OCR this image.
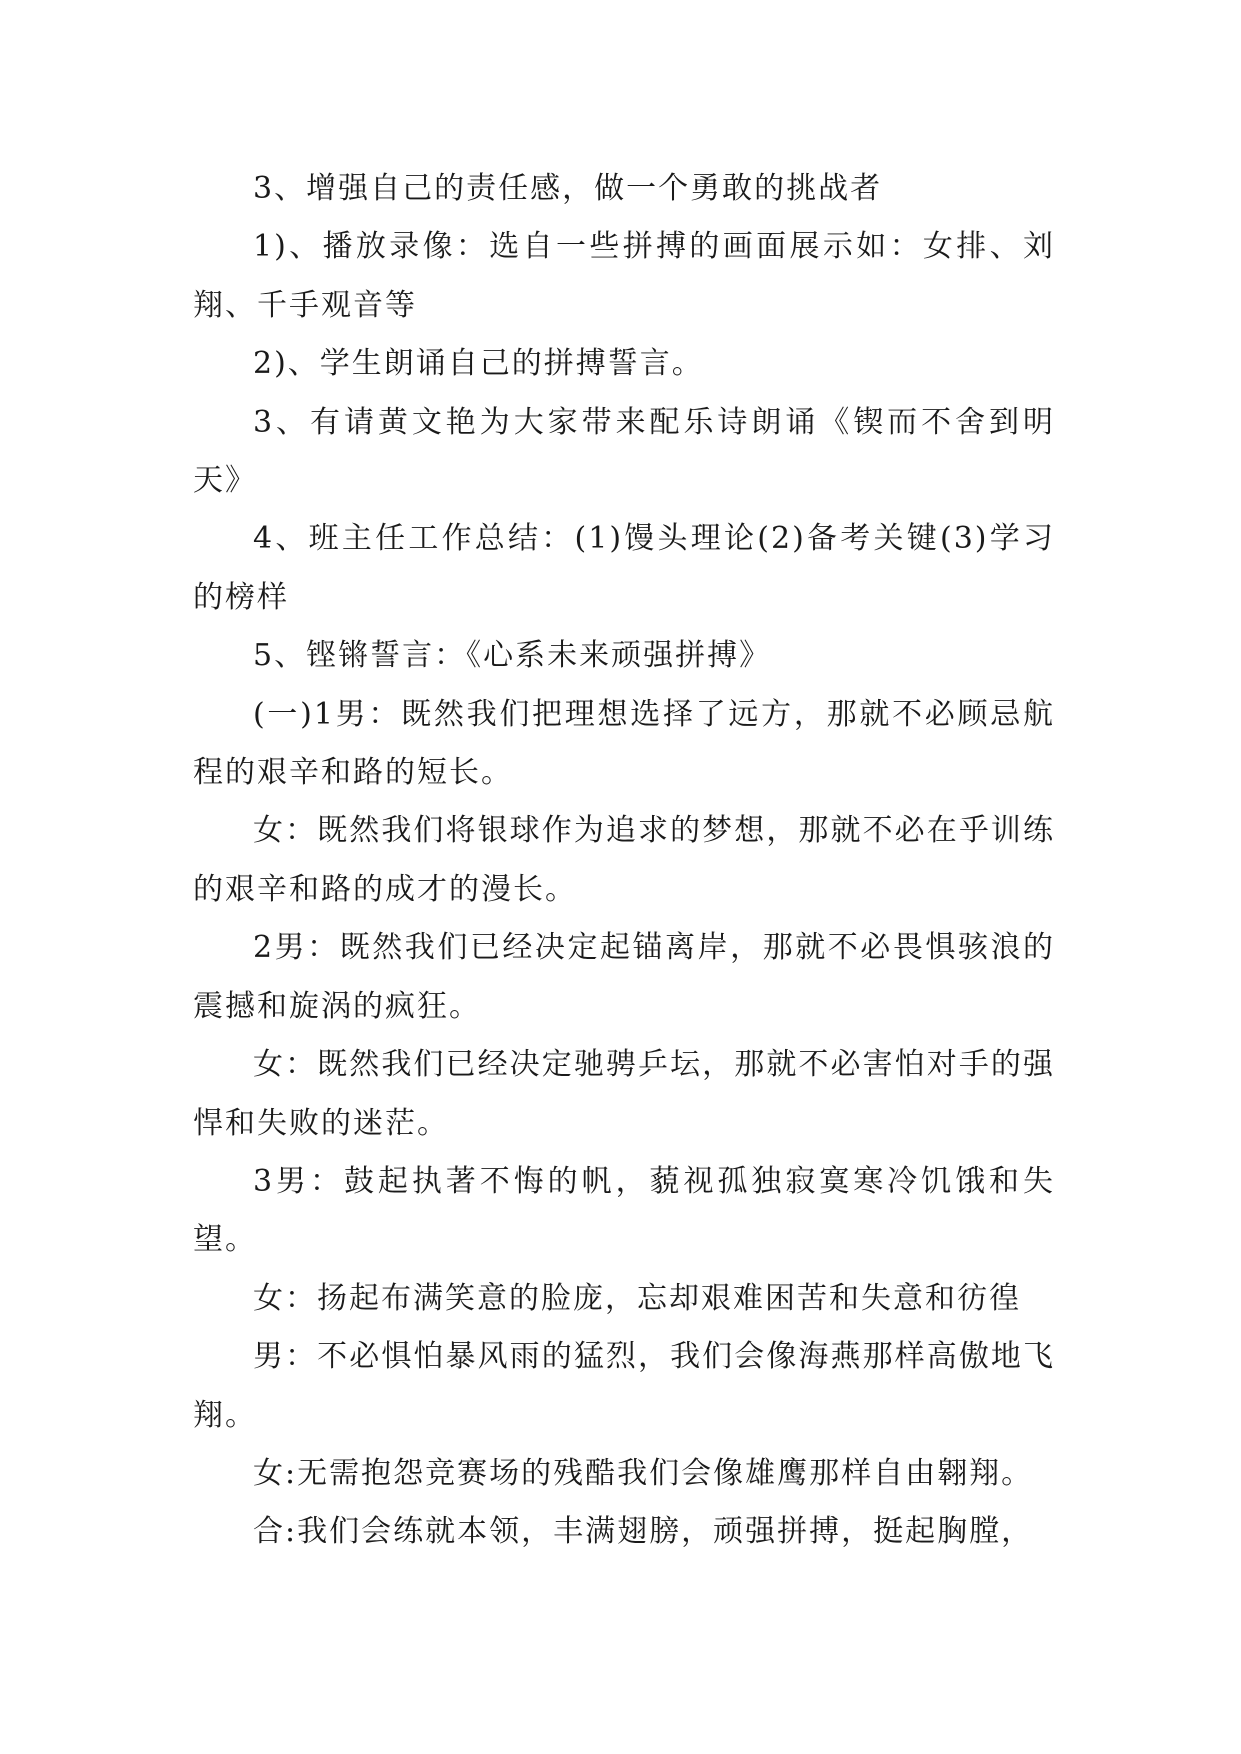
3、增强自己的责任感，做一个勇敢的挑战者

1)、播放录像：选自一些拼搏的画面展示如：女排、刘翔、千手观音等

2)、学生朗诵自己的拼搏誓言。

3、有请黄文艳为大家带来配乐诗朗诵《锲而不舍到明天》

4、班主任工作总结：(1)馒头理论(2)备考关键(3)学习的榜样

5、铿锵誓言：《心系未来顽强拼搏》

(一)1男：既然我们把理想选择了远方，那就不必顾忌航程的艰辛和路的短长。

女：既然我们将银球作为追求的梦想，那就不必在乎训练的艰辛和路的成才的漫长。

2男：既然我们已经决定起锚离岸，那就不必畏惧骇浪的震撼和旋涡的疯狂。

女：既然我们已经决定驰骋乒坛，那就不必害怕对手的强悍和失败的迷茫。

3男：鼓起执著不悔的帆，藐视孤独寂寞寒冷饥饿和失望。

女：扬起布满笑意的脸庞，忘却艰难困苦和失意和彷徨

男：不必惧怕暴风雨的猛烈，我们会像海燕那样高傲地飞翔。

女:无需抱怨竞赛场的残酷我们会像雄鹰那样自由翱翔。

合:我们会练就本领，丰满翅膀，顽强拼搏，挺起胸膛，
